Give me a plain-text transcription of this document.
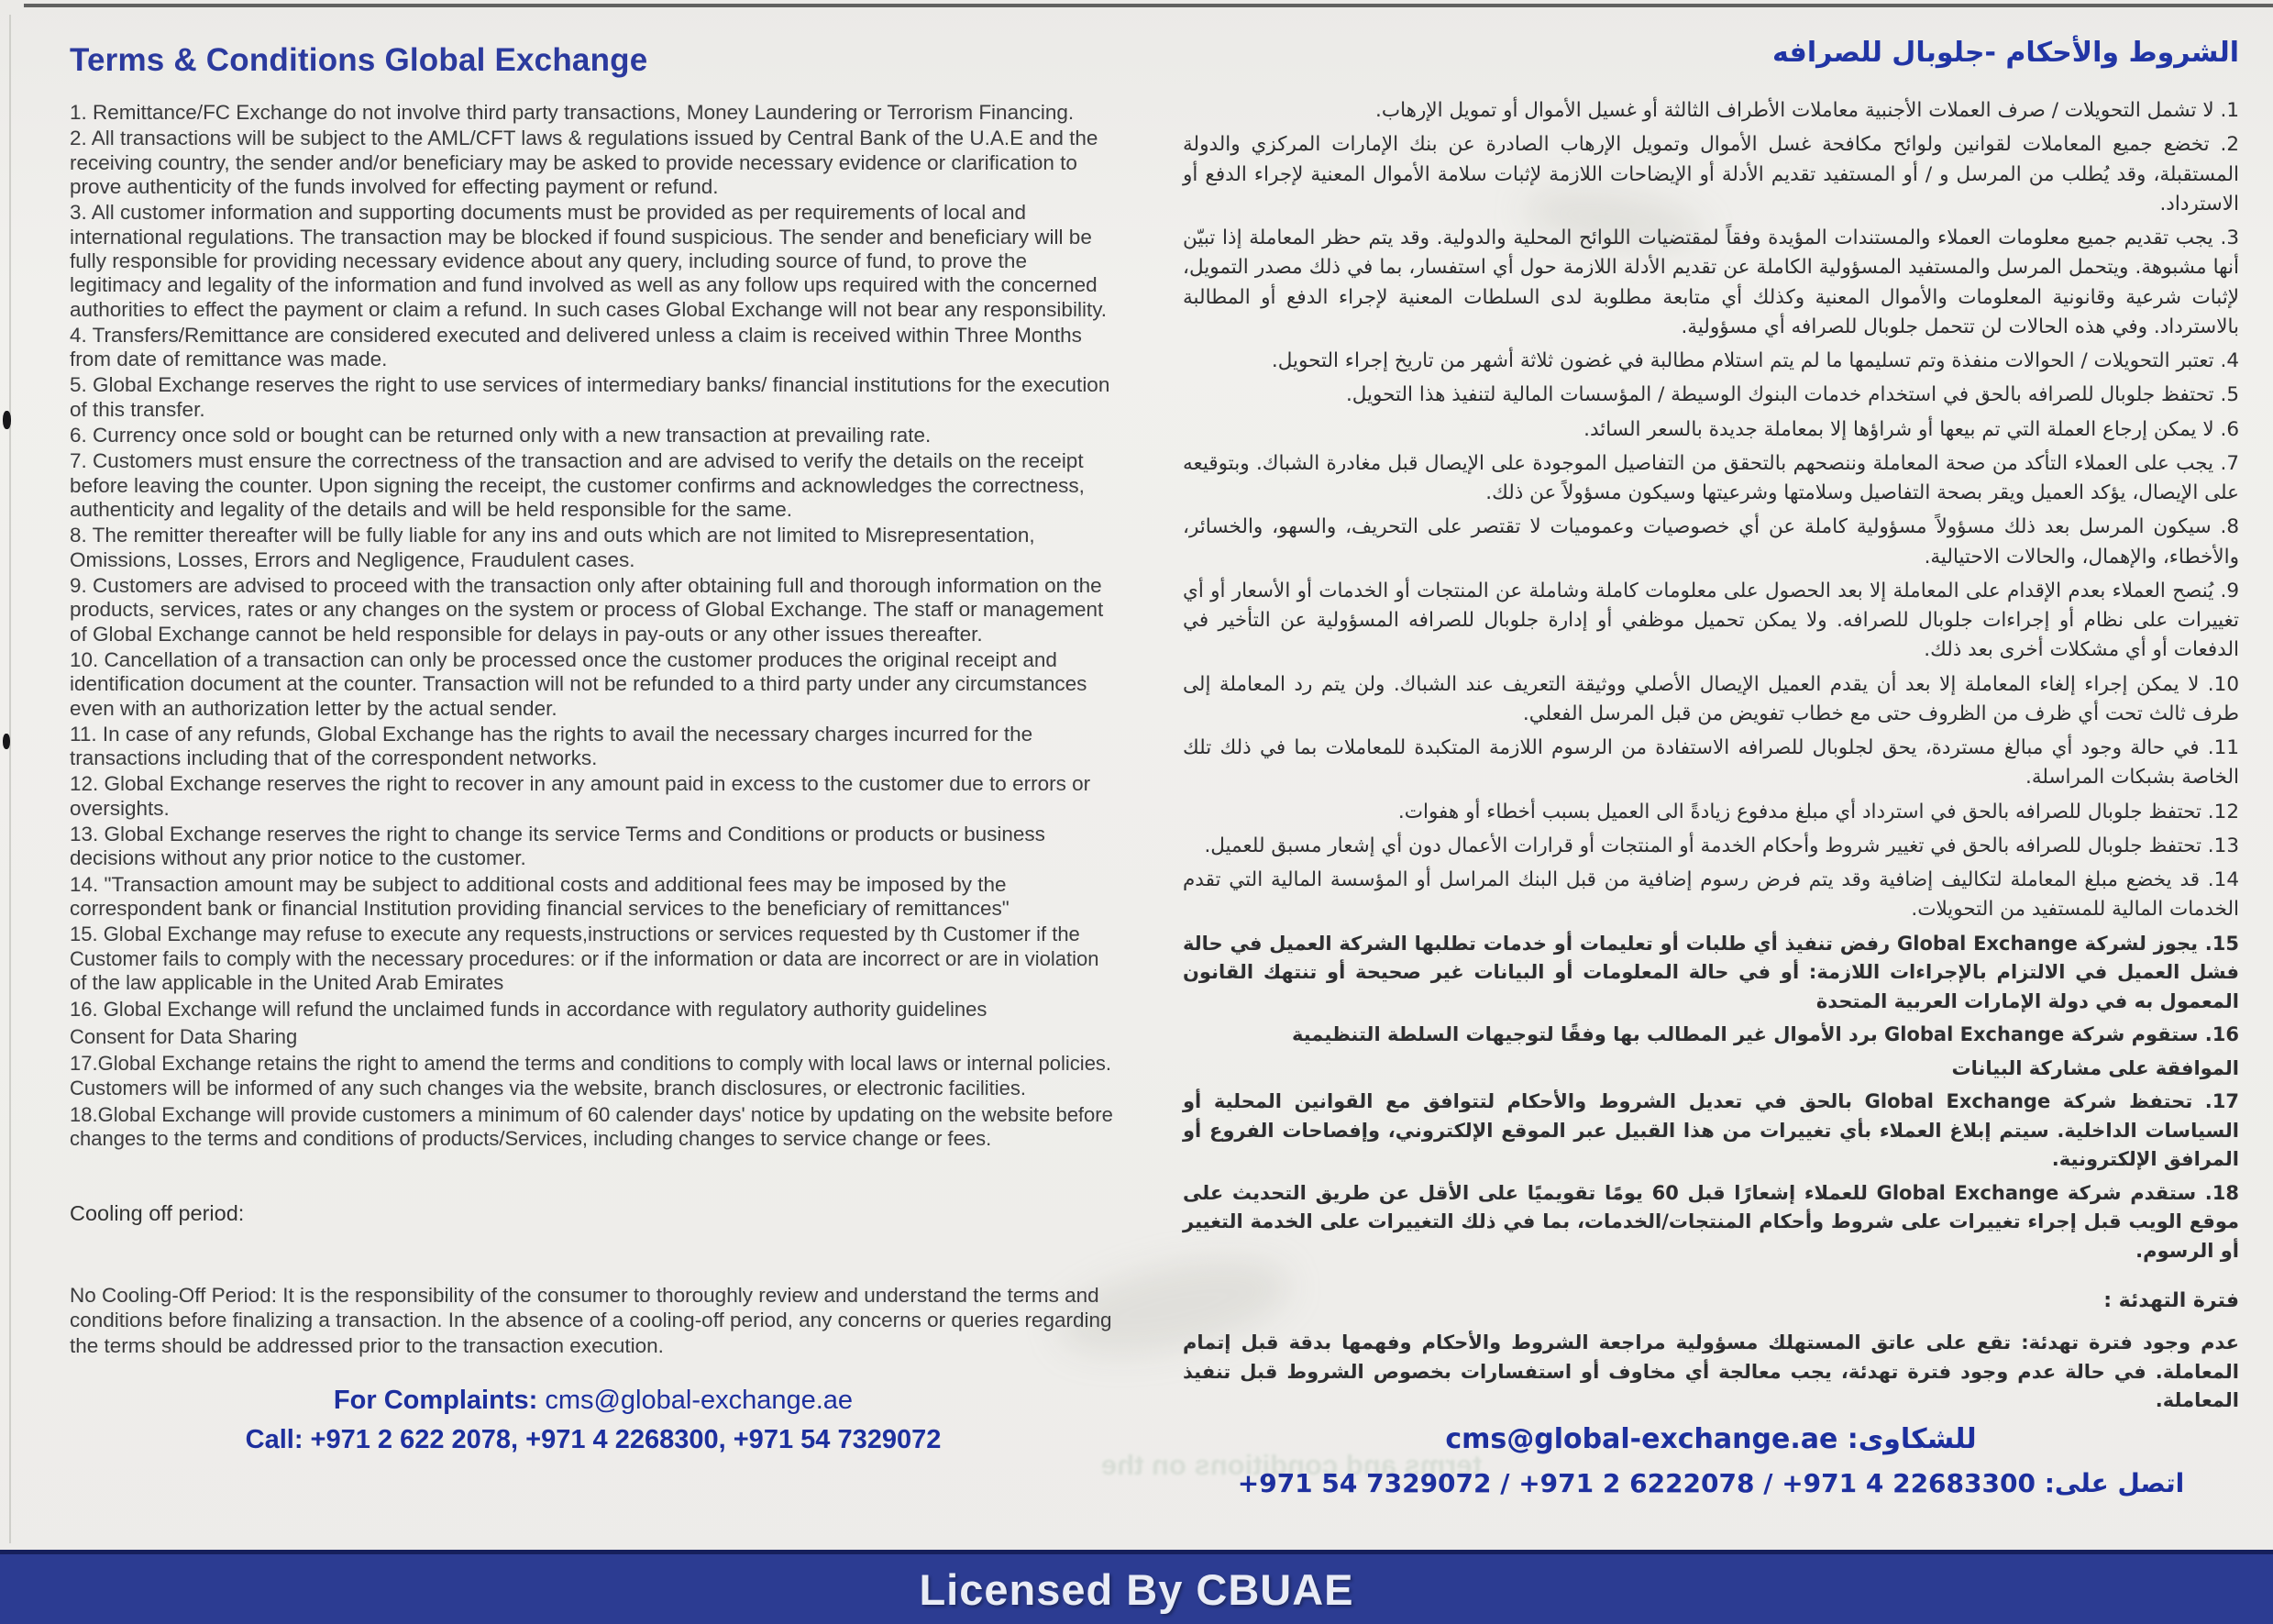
terms and conditions on the
Terms & Conditions Global Exchange

1. Remittance/FC Exchange do not involve third party transactions, Money Laundering or Terrorism Financing.

2. All transactions will be subject to the AML/CFT laws & regulations issued by Central Bank of the U.A.E and the receiving country, the sender and/or beneficiary may be asked to provide necessary evidence or clarification to prove authenticity of the funds involved for effecting payment or refund.

3. All customer information and supporting documents must be provided as per requirements of local and international regulations. The transaction may be blocked if found suspicious. The sender and beneficiary will be fully responsible for providing necessary evidence about any query, including source of fund, to prove the legitimacy and legality of the information and fund involved as well as any follow ups required with the concerned authorities to effect the payment or claim a refund. In such cases Global Exchange will not bear any responsibility.

4. Transfers/Remittance are considered executed and delivered unless a claim is received within Three Months from date of remittance was made.

5. Global Exchange reserves the right to use services of intermediary banks/ financial institutions for the execution of this transfer.

6. Currency once sold or bought can be returned only with a new transaction at prevailing rate.

7. Customers must ensure the correctness of the transaction and are advised to verify the details on the receipt before leaving the counter. Upon signing the receipt, the customer confirms and acknowledges the correctness, authenticity and legality of the details and will be held responsible for the same.

8. The remitter thereafter will be fully liable for any ins and outs which are not limited to Misrepresentation, Omissions, Losses, Errors and Negligence, Fraudulent cases.

9. Customers are advised to proceed with the transaction only after obtaining full and thorough information on the products, services, rates or any changes on the system or process of Global Exchange. The staff or management of Global Exchange cannot be held responsible for delays in pay-outs or any other issues thereafter.

10. Cancellation of a transaction can only be processed once the customer produces the original receipt and identification document at the counter. Transaction will not be refunded to a third party under any circumstances even with an authorization letter by the actual sender.

11. In case of any refunds, Global Exchange has the rights to avail the necessary charges incurred for the transactions including that of the correspondent networks.

12. Global Exchange reserves the right to recover in any amount paid in excess to the customer due to errors or oversights.

13. Global Exchange reserves the right to change its service Terms and Conditions or products or business decisions without any prior notice to the customer.

14. "Transaction amount may be subject to additional costs and additional fees may be imposed by the correspondent bank or financial Institution providing financial services to the beneficiary of remittances"

15. Global Exchange may refuse to execute any requests,instructions or services requested by th Customer if the Customer fails to comply with the necessary procedures: or if the information or data are incorrect or are in violation of the law applicable in the United Arab Emirates

16. Global Exchange will refund the unclaimed funds in accordance with regulatory authority guidelines

Consent for Data Sharing

17.Global Exchange retains the right to amend the terms and conditions to comply with local laws or internal policies. Customers will be informed of any such changes via the website, branch disclosures, or electronic facilities.

18.Global Exchange will provide customers a minimum of 60 calender days' notice by updating on the website before changes to the terms and conditions of products/Services, including changes to service change or fees.

Cooling off period:

No Cooling-Off Period: It is the responsibility of the consumer to thoroughly review and understand the terms and conditions before finalizing a transaction. In the absence of a cooling-off period, any concerns or queries regarding the terms should be addressed prior to the transaction execution.

For Complaints: cms@global-exchange.ae
Call: +971 2 622 2078, +971 4 2268300, +971 54 7329072
الشروط والأحكام -جلوبال للصرافه

1. لا تشمل التحويلات / صرف العملات الأجنبية معاملات الأطراف الثالثة أو غسيل الأموال أو تمويل الإرهاب.

2. تخضع جميع المعاملات لقوانين ولوائح مكافحة غسل الأموال وتمويل الإرهاب الصادرة عن بنك الإمارات المركزي والدولة المستقبلة، وقد يُطلب من المرسل و / أو المستفيد تقديم الأدلة أو الإيضاحات اللازمة لإثبات سلامة الأموال المعنية لإجراء الدفع أو الاسترداد.

3. يجب تقديم جميع معلومات العملاء والمستندات المؤيدة وفقاً لمقتضيات اللوائح المحلية والدولية. وقد يتم حظر المعاملة إذا تبيّن أنها مشبوهة. ويتحمل المرسل والمستفيد المسؤولية الكاملة عن تقديم الأدلة اللازمة حول أي استفسار، بما في ذلك مصدر التمويل، لإثبات شرعية وقانونية المعلومات والأموال المعنية وكذلك أي متابعة مطلوبة لدى السلطات المعنية لإجراء الدفع أو المطالبة بالاسترداد. وفي هذه الحالات لن تتحمل جلوبال للصرافه أي مسؤولية.

4. تعتبر التحويلات / الحوالات منفذة وتم تسليمها ما لم يتم استلام مطالبة في غضون ثلاثة أشهر من تاريخ إجراء التحويل.

5. تحتفظ جلوبال للصرافه بالحق في استخدام خدمات البنوك الوسيطة / المؤسسات المالية لتنفيذ هذا التحويل.

6. لا يمكن إرجاع العملة التي تم بيعها أو شراؤها إلا بمعاملة جديدة بالسعر السائد.

7. يجب على العملاء التأكد من صحة المعاملة وننصحهم بالتحقق من التفاصيل الموجودة على الإيصال قبل مغادرة الشباك. وبتوقيعه على الإيصال، يؤكد العميل ويقر بصحة التفاصيل وسلامتها وشرعيتها وسيكون مسؤولاً عن ذلك.

8. سيكون المرسل بعد ذلك مسؤولاً مسؤولية كاملة عن أي خصوصيات وعموميات لا تقتصر على التحريف، والسهو، والخسائر، والأخطاء، والإهمال، والحالات الاحتيالية.

9. يُنصح العملاء بعدم الإقدام على المعاملة إلا بعد الحصول على معلومات كاملة وشاملة عن المنتجات أو الخدمات أو الأسعار أو أي تغييرات على نظام أو إجراءات جلوبال للصرافه. ولا يمكن تحميل موظفي أو إدارة جلوبال للصرافه المسؤولية عن التأخير في الدفعات أو أي مشكلات أخرى بعد ذلك.

10. لا يمكن إجراء إلغاء المعاملة إلا بعد أن يقدم العميل الإيصال الأصلي ووثيقة التعريف عند الشباك. ولن يتم رد المعاملة إلى طرف ثالث تحت أي ظرف من الظروف حتى مع خطاب تفويض من قبل المرسل الفعلي.

11. في حالة وجود أي مبالغ مستردة، يحق لجلوبال للصرافه الاستفادة من الرسوم اللازمة المتكبدة للمعاملات بما في ذلك تلك الخاصة بشبكات المراسلة.

12. تحتفظ جلوبال للصرافه بالحق في استرداد أي مبلغ مدفوع زيادةً الى العميل بسبب أخطاء أو هفوات.

13. تحتفظ جلوبال للصرافه بالحق في تغيير شروط وأحكام الخدمة أو المنتجات أو قرارات الأعمال دون أي إشعار مسبق للعميل.

14. قد يخضع مبلغ المعاملة لتكاليف إضافية وقد يتم فرض رسوم إضافية من قبل البنك المراسل أو المؤسسة المالية التي تقدم الخدمات المالية للمستفيد من التحويلات.

15. يجوز لشركة Global Exchange رفض تنفيذ أي طلبات أو تعليمات أو خدمات تطلبها الشركة العميل في حالة فشل العميل في الالتزام بالإجراءات اللازمة: أو في حالة المعلومات أو البيانات غير صحيحة أو تنتهك القانون المعمول به في دولة الإمارات العربية المتحدة

16. ستقوم شركة Global Exchange برد الأموال غير المطالب بها وفقًا لتوجيهات السلطة التنظيمية

الموافقة على مشاركة البيانات

17. تحتفظ شركة Global Exchange بالحق في تعديل الشروط والأحكام لتتوافق مع القوانين المحلية أو السياسات الداخلية. سيتم إبلاغ العملاء بأي تغييرات من هذا القبيل عبر الموقع الإلكتروني، وإفصاحات الفروع أو المرافق الإلكترونية.

18. ستقدم شركة Global Exchange للعملاء إشعارًا قبل 60 يومًا تقويميًا على الأقل عن طريق التحديث على موقع الويب قبل إجراء تغييرات على شروط وأحكام المنتجات/الخدمات، بما في ذلك التغييرات على الخدمة التغيير أو الرسوم.

فترة التهدئة :

عدم وجود فترة تهدئة: تقع على عاتق المستهلك مسؤولية مراجعة الشروط والأحكام وفهمها بدقة قبل إتمام المعاملة. في حالة عدم وجود فترة تهدئة، يجب معالجة أي مخاوف أو استفسارات بخصوص الشروط قبل تنفيذ المعاملة.

للشكاوى: cms@global-exchange.ae
اتصل على: +971 54 7329072 / +971 2 6222078 / +971 4 22683300
Licensed By CBUAE
